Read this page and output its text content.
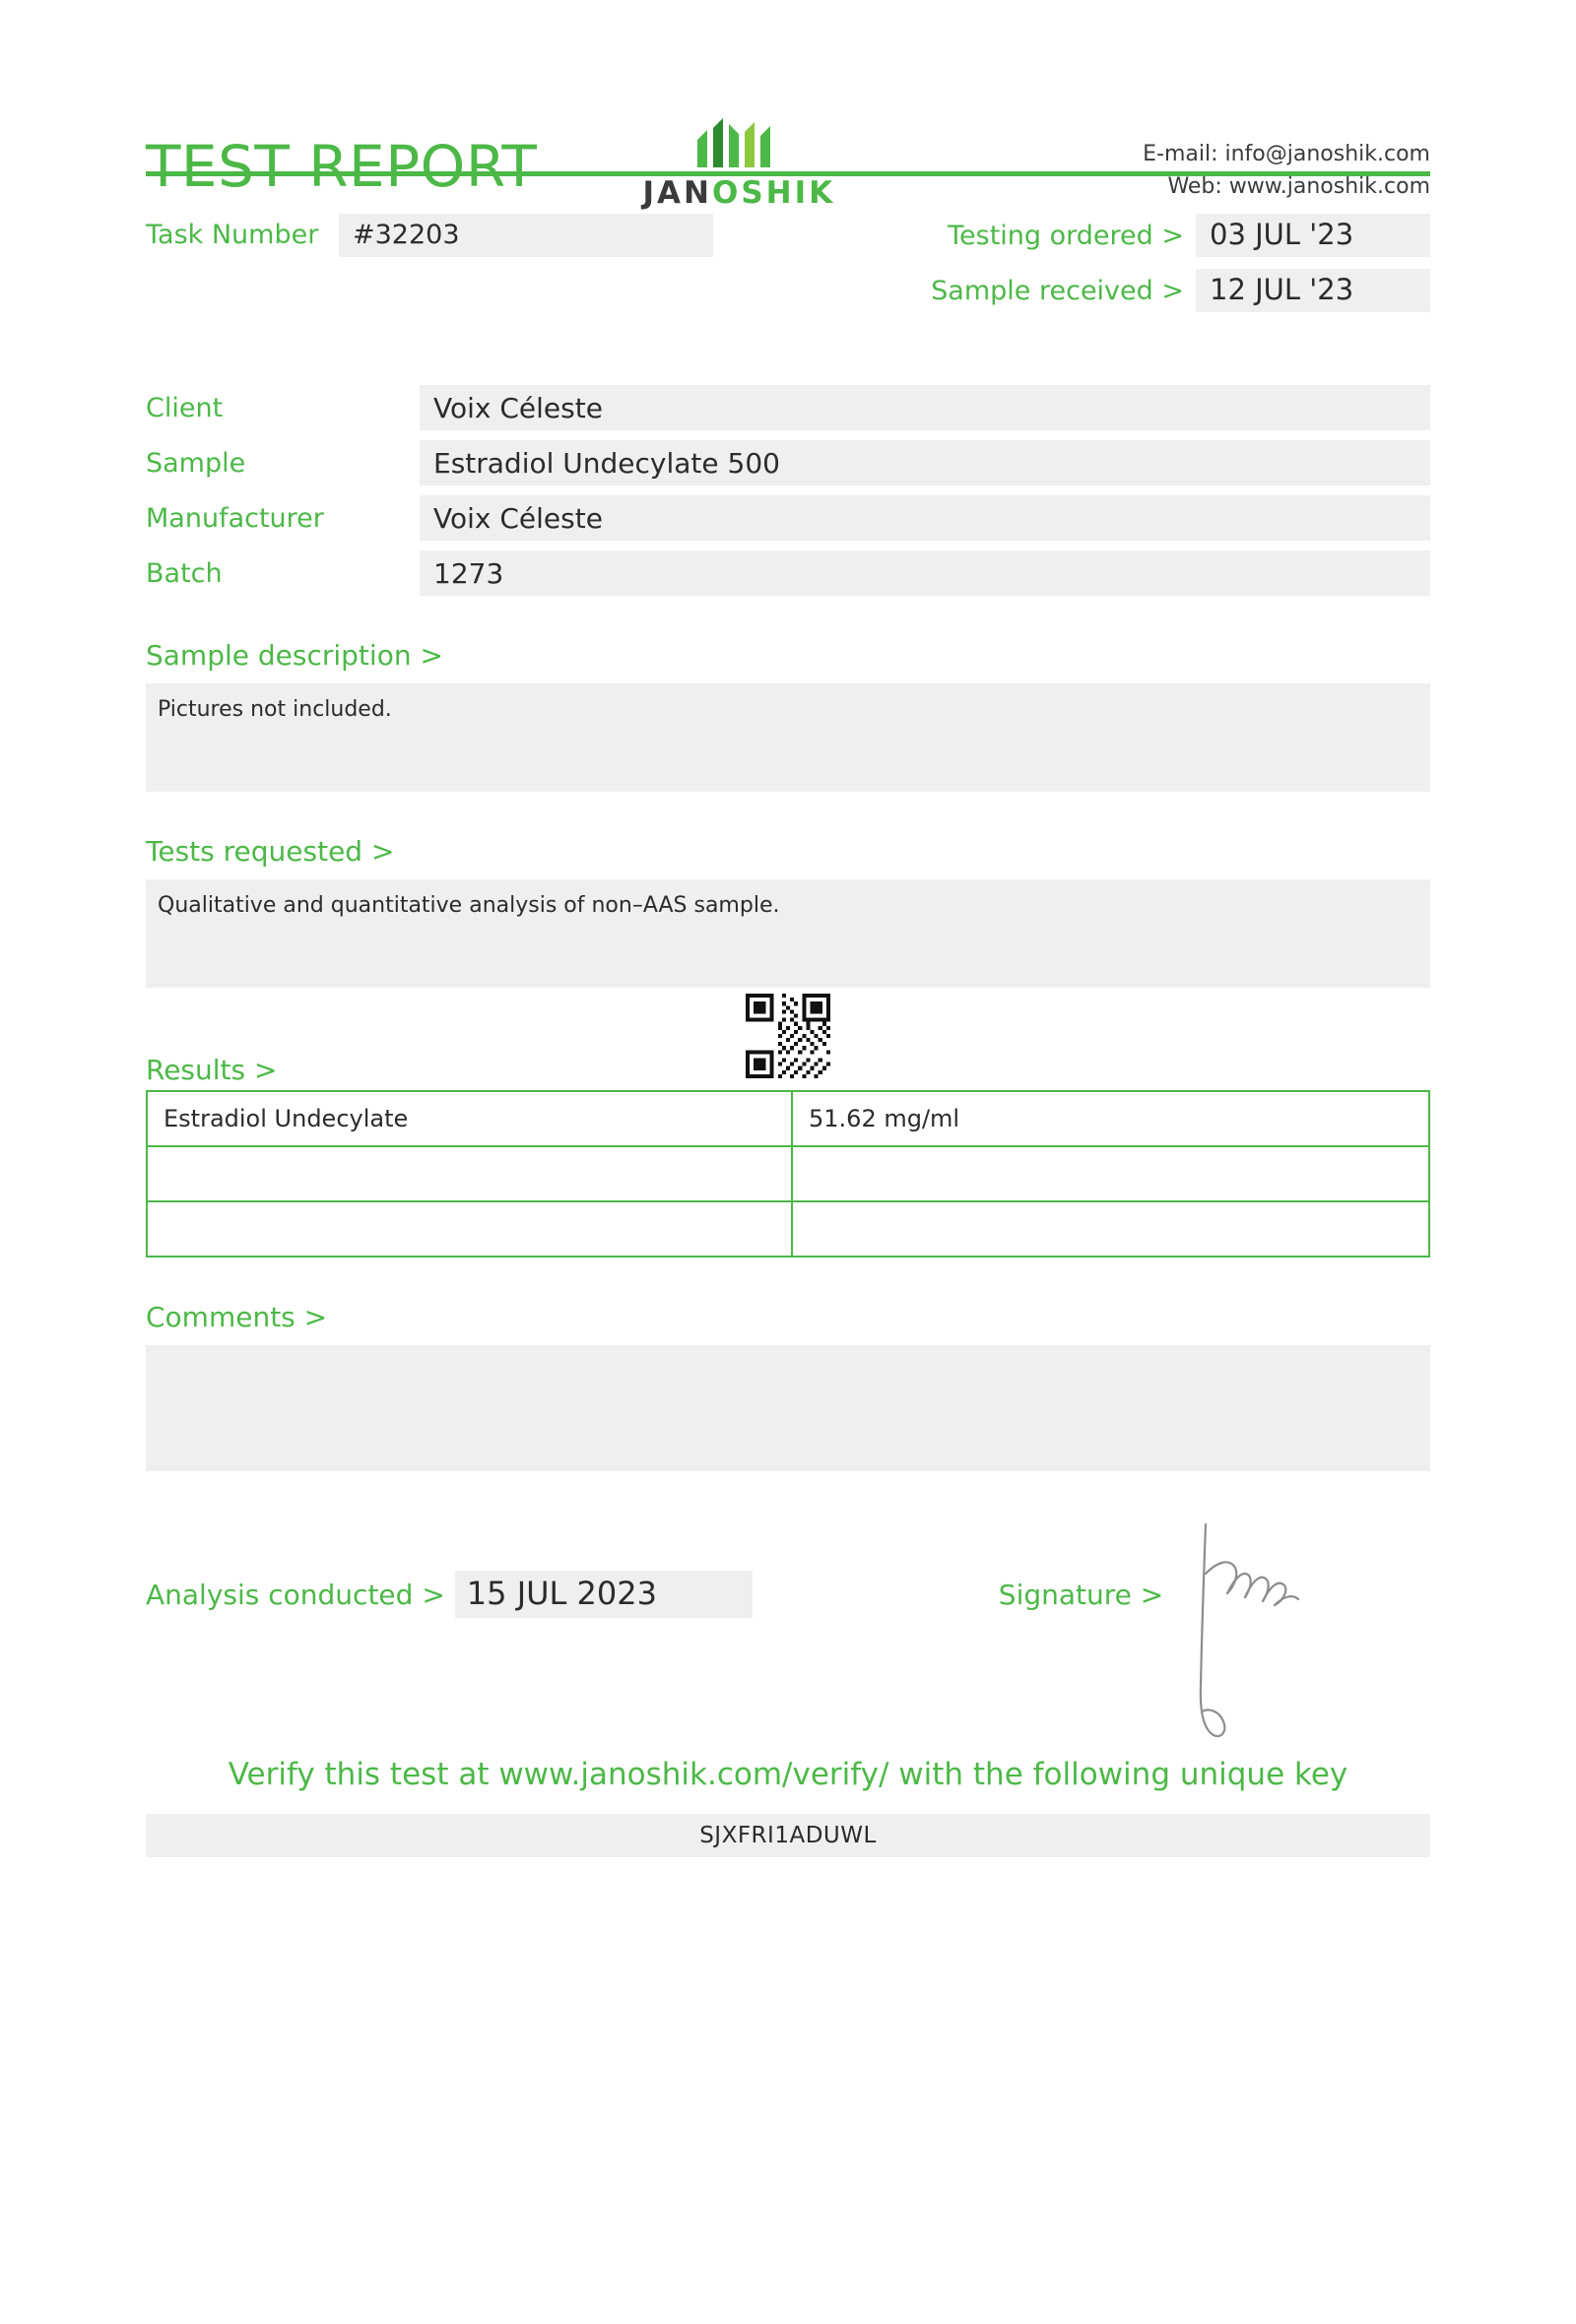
TEST REPORT	JANOSHIK
E-mail: info@janoshik.com
Web: www.janoshik.com
Task Number	#32203	Testing ordered > 03 JUL '23
Sample received > 12 JUL '23
Client	Voix Céleste
Sample	Estradiol Undecylate 500
Manufacturer	Voix Céleste
Batch	1273
Sample description >
Pictures not included.
Tests requested >
Qualitative and quantitative analysis of non–AAS sample.
Results >
Estradiol Undecylate	51.62 mg/ml

Comments >
Analysis conducted > 15 JUL 2023	Signature >
Verify this test at www.janoshik.com/verify/ with the following unique key
SJXFRI1ADUWL
